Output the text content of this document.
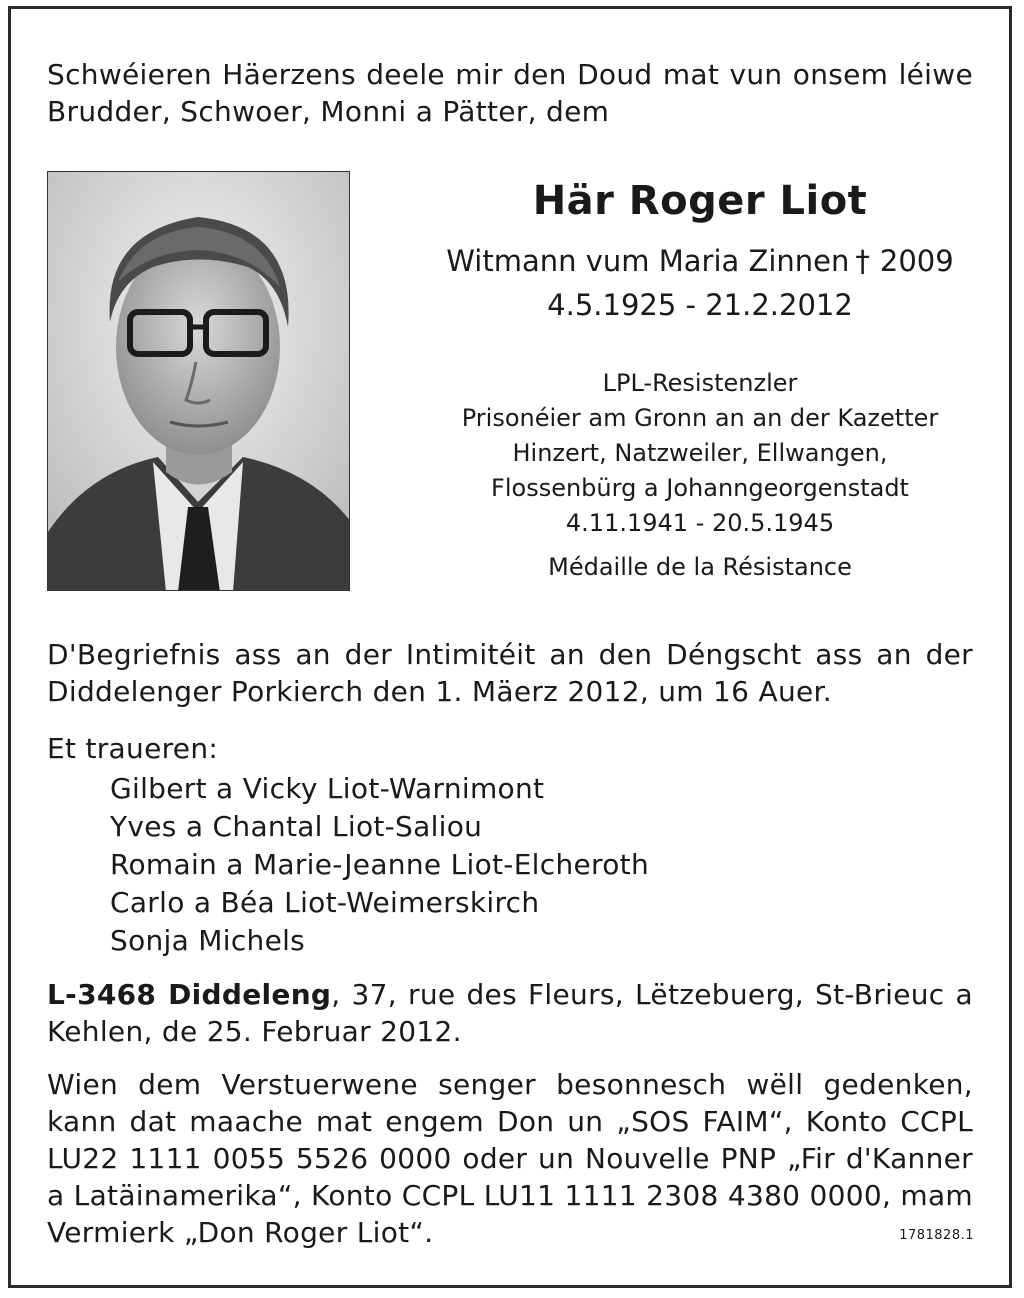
Schwéieren Häerzens deele mir den Doud mat vun onsem léiwe Brudder, Schwoer, Monni a Pätter, dem
Här Roger Liot
Witmann vum Maria Zinnen † 2009
4.5.1925 - 21.2.2012
LPL-Resistenzler
Prisonéier am Gronn an an der Kazetter
Hinzert, Natzweiler, Ellwangen,
Flossenbürg a Johanngeorgenstadt
4.11.1941 - 20.5.1945
Médaille de la Résistance
D'Begriefnis ass an der Intimitéit an den Déngscht ass an der Diddelenger Porkierch den 1. Mäerz 2012, um 16 Auer.
Et traueren:
Gilbert a Vicky Liot-Warnimont
Yves a Chantal Liot-Saliou
Romain a Marie-Jeanne Liot-Elcheroth
Carlo a Béa Liot-Weimerskirch
Sonja Michels
L-3468 Diddeleng, 37, rue des Fleurs, Lëtzebuerg, St-Brieuc a Kehlen, de 25. Februar 2012.
Wien dem Verstuerwene senger besonnesch wëll gedenken, kann dat maache mat engem Don un „SOS FAIM“, Konto CCPL LU22 1111 0055 5526 0000 oder un Nouvelle PNP „Fir d'Kanner a Latäinamerika“, Konto CCPL LU11 1111 2308 4380 0000, mam Vermierk „Don Roger Liot“.	1781828.1
